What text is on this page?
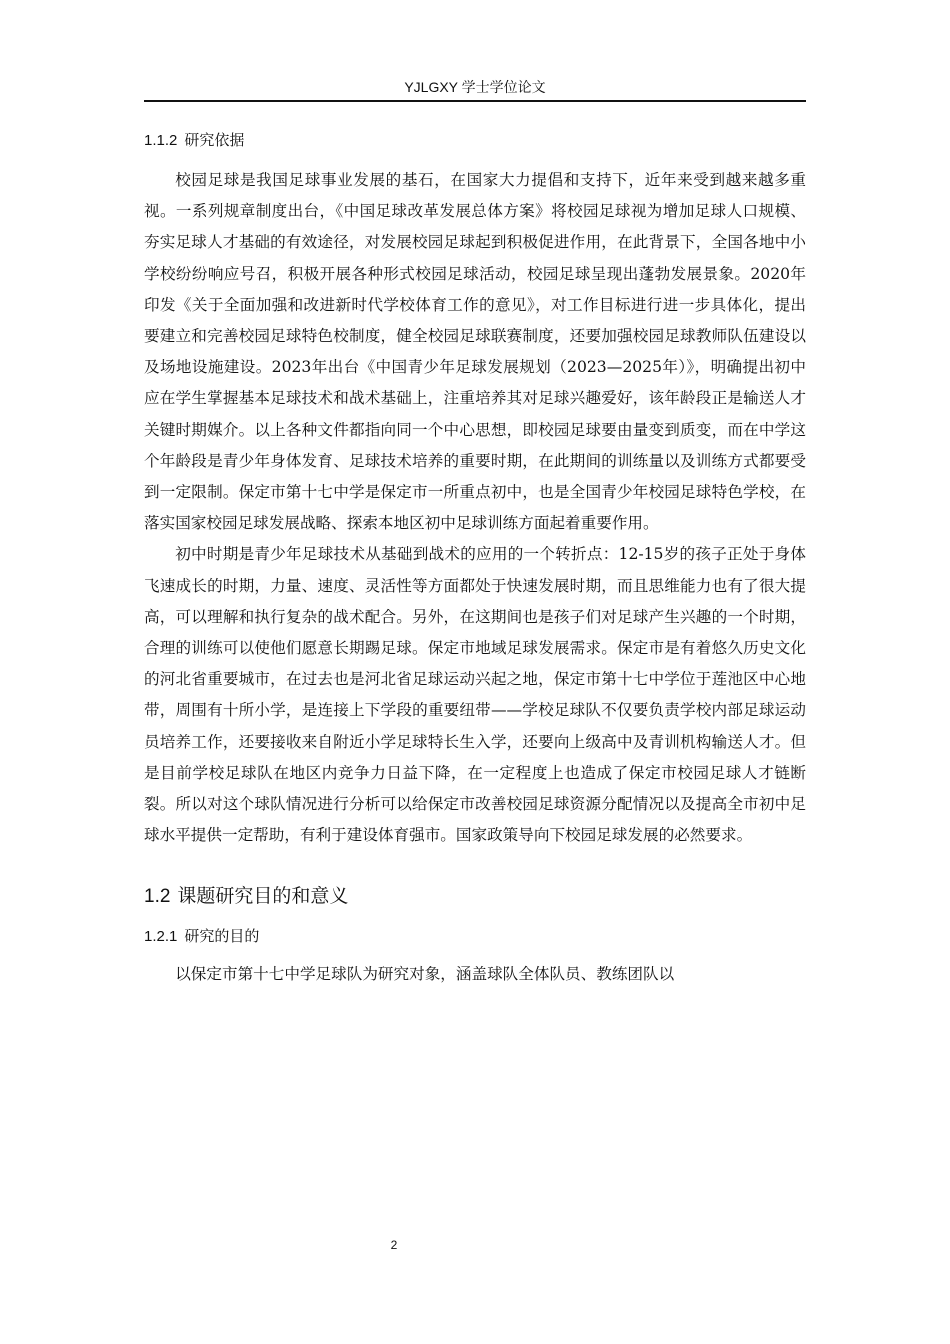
YJLGXY 学士学位论文
1.1.2 研究依据

校园足球是我国足球事业发展的基石，在国家大力提倡和支持下，近年来受到越来越多重视。一系列规章制度出台，《中国足球改革发展总体方案》将校园足球视为增加足球人口规模、夯实足球人才基础的有效途径，对发展校园足球起到积极促进作用，在此背景下，全国各地中小学校纷纷响应号召，积极开展各种形式校园足球活动，校园足球呈现出蓬勃发展景象。2020年印发《关于全面加强和改进新时代学校体育工作的意见》，对工作目标进行进一步具体化，提出要建立和完善校园足球特色校制度，健全校园足球联赛制度，还要加强校园足球教师队伍建设以及场地设施建设。2023年出台《中国青少年足球发展规划（2023—2025年）》，明确提出初中应在学生掌握基本足球技术和战术基础上，注重培养其对足球兴趣爱好，该年龄段正是输送人才关键时期媒介。以上各种文件都指向同一个中心思想，即校园足球要由量变到质变，而在中学这个年龄段是青少年身体发育、足球技术培养的重要时期，在此期间的训练量以及训练方式都要受到一定限制。保定市第十七中学是保定市一所重点初中，也是全国青少年校园足球特色学校，在落实国家校园足球发展战略、探索本地区初中足球训练方面起着重要作用。

初中时期是青少年足球技术从基础到战术的应用的一个转折点：12-15岁的孩子正处于身体飞速成长的时期，力量、速度、灵活性等方面都处于快速发展时期，而且思维能力也有了很大提高，可以理解和执行复杂的战术配合。另外，在这期间也是孩子们对足球产生兴趣的一个时期，合理的训练可以使他们愿意长期踢足球。保定市地域足球发展需求。保定市是有着悠久历史文化的河北省重要城市，在过去也是河北省足球运动兴起之地，保定市第十七中学位于莲池区中心地带，周围有十所小学，是连接上下学段的重要纽带——学校足球队不仅要负责学校内部足球运动员培养工作，还要接收来自附近小学足球特长生入学，还要向上级高中及青训机构输送人才。但是目前学校足球队在地区内竞争力日益下降，在一定程度上也造成了保定市校园足球人才链断裂。所以对这个球队情况进行分析可以给保定市改善校园足球资源分配情况以及提高全市初中足球水平提供一定帮助，有利于建设体育强市。国家政策导向下校园足球发展的必然要求。

1.2 课题研究目的和意义
1.2.1 研究的目的

以保定市第十七中学足球队为研究对象，涵盖球队全体队员、教练团队以

2
